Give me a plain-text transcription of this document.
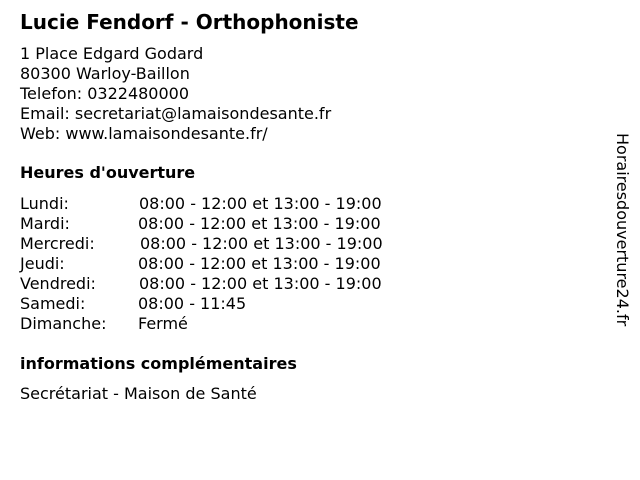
Lucie Fendorf - Orthophoniste
1 Place Edgard Godard
80300 Warloy-Baillon
Telefon: 0322480000
Email: secretariat@lamaisondesante.fr
Web: www.lamaisondesante.fr/
Heures d'ouverture
Lundi:	08:00 - 12:00 et 13:00 - 19:00
Mardi:	08:00 - 12:00 et 13:00 - 19:00
Mercredi:	08:00 - 12:00 et 13:00 - 19:00
Jeudi:	08:00 - 12:00 et 13:00 - 19:00
Vendredi:	08:00 - 12:00 et 13:00 - 19:00
Samedi:	08:00 - 11:45
Dimanche: Fermé
informations complémentaires
Secrétariat - Maison de Santé
Horairesdouverture24.fr
